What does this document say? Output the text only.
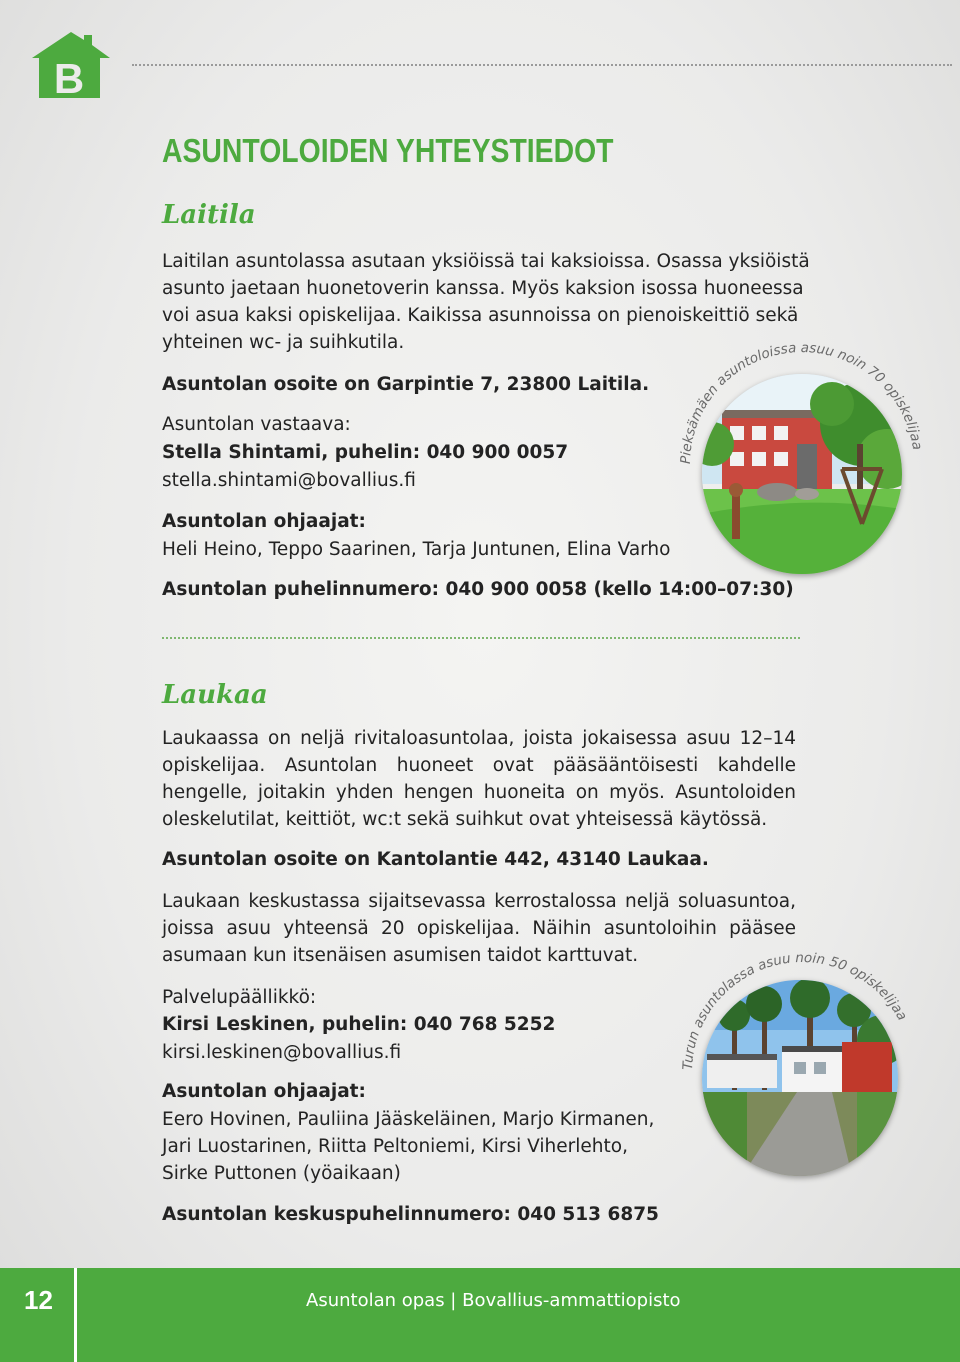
B
ASUNTOLOIDEN YHTEYSTIEDOT
Laitila
Laitilan asuntolassa asutaan yksiöissä tai kaksioissa. Osassa yksiöistä
asunto jaetaan huonetoverin kanssa. Myös kaksion isossa huoneessa
voi asua kaksi opiskelijaa. Kaikissa asunnoissa on pienoiskeittiö sekä
yhteinen wc- ja suihkutila.

Asuntolan osoite on Garpintie 7, 23800 Laitila.

Asuntolan vastaava:

Stella Shintami, puhelin: 040 900 0057

stella.shintami@bovallius.fi

Asuntolan ohjaajat:

Heli Heino, Teppo Saarinen, Tarja Juntunen, Elina Varho

Asuntolan puhelinnumero: 040 900 0058 (kello 14:00–07:30)

Pieksämäen asuntoloissa asuu noin 70 opiskelijaa
Laukaa

Laukaassa on neljä rivitaloasuntolaa, joista jokaisessa asuu 12–14 opiskelijaa. Asuntolan huoneet ovat pääsääntöisesti kahdelle hengelle, joitakin yhden hengen huoneita on myös. Asuntoloiden oleskelutilat, keittiöt, wc:t sekä suihkut ovat yhteisessä käytössä.

Asuntolan osoite on Kantolantie 442, 43140 Laukaa.

Laukaan keskustassa sijaitsevassa kerrostalossa neljä soluasuntoa, joissa asuu yhteensä 20 opiskelijaa. Näihin asuntoloihin pääsee asumaan kun itsenäisen asumisen taidot karttuvat.

Palvelupäällikkö:

Kirsi Leskinen, puhelin: 040 768 5252

kirsi.leskinen@bovallius.fi

Asuntolan ohjaajat:

Eero Hovinen, Pauliina Jääskeläinen, Marjo Kirmanen,
Jari Luostarinen, Riitta Peltoniemi, Kirsi Viherlehto,
Sirke Puttonen (yöaikaan)

Asuntolan keskuspuhelinnumero: 040 513 6875

Turun asuntolassa asuu noin 50 opiskelijaa
12	Asuntolan opas | Bovallius-ammattiopisto
